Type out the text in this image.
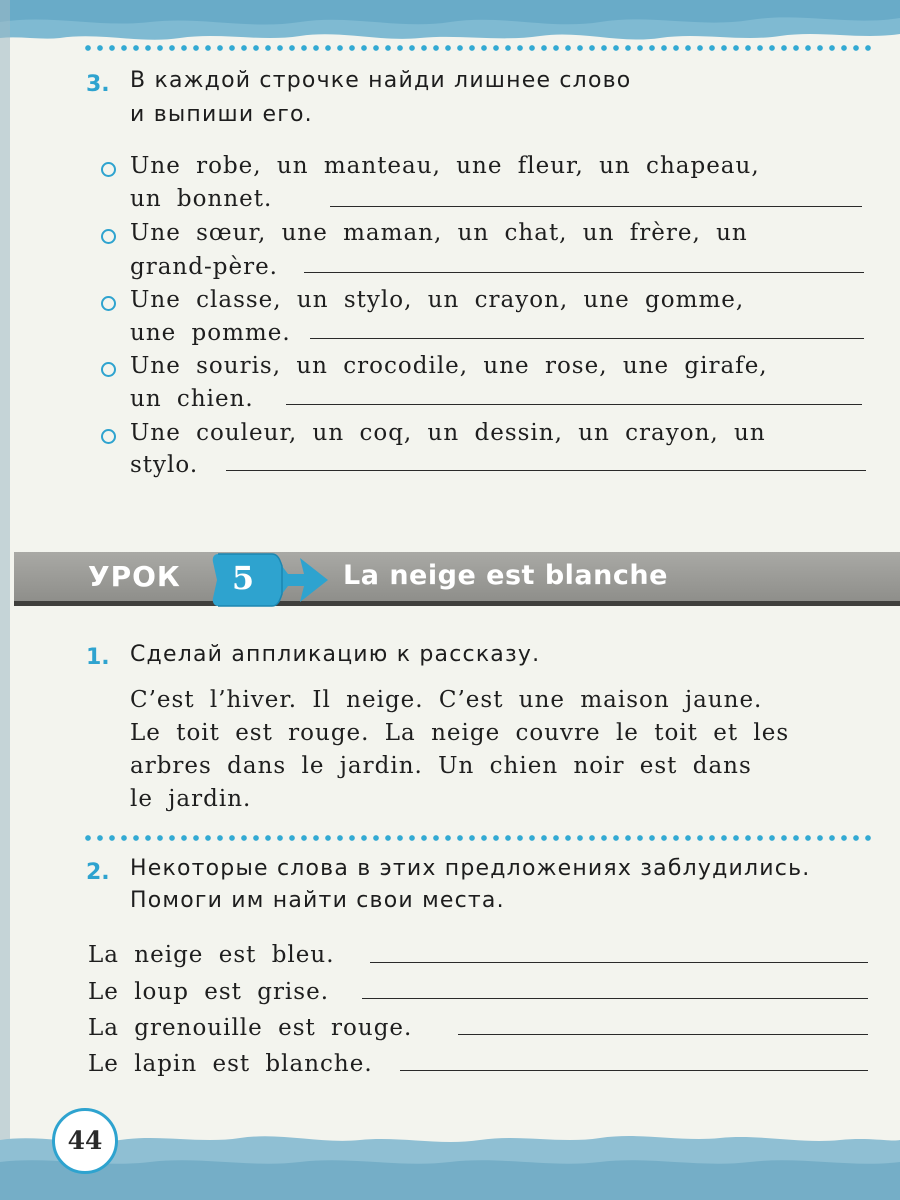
3. В каждой строчке найди лишнее слово
и выпиши его.
Une robe, un manteau, une fleur, un chapeau,
un bonnet.
Une sœur, une maman, un chat, un frère, un
grand-père.
Une classe, un stylo, un crayon, une gomme,
une pomme.
Une souris, un crocodile, une rose, une girafe,
un chien.
Une couleur, un coq, un dessin, un crayon, un
stylo.
УРОК 5	La neige est blanche
1. Сделай аппликацию к рассказу.
C’est l’hiver. Il neige. C’est une maison jaune.
Le toit est rouge. La neige couvre le toit et les
arbres dans le jardin. Un chien noir est dans
le jardin.
2. Некоторые слова в этих предложениях заблудились.
Помоги им найти свои места.
La neige est bleu.
Le loup est grise.
La grenouille est rouge.
Le lapin est blanche.
44
